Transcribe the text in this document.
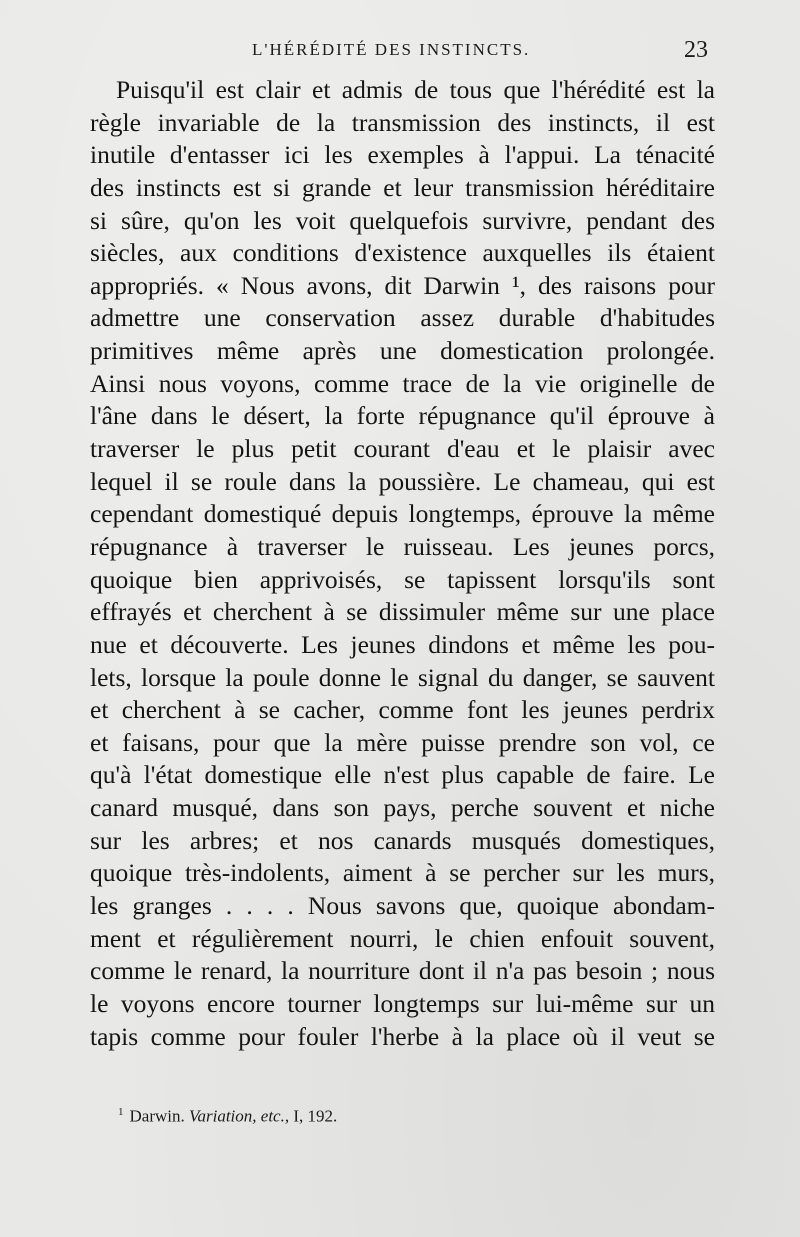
L'HÉRÉDITÉ DES INSTINCTS.	23
Puisqu'il est clair et admis de tous que l'hérédité est la
règle invariable de la transmission des instincts, il est
inutile d'entasser ici les exemples à l'appui. La ténacité
des instincts est si grande et leur transmission héréditaire
si sûre, qu'on les voit quelquefois survivre, pendant des
siècles, aux conditions d'existence auxquelles ils étaient
appropriés. « Nous avons, dit Darwin ¹, des raisons pour
admettre une conservation assez durable d'habitudes
primitives même après une domestication prolongée.
Ainsi nous voyons, comme trace de la vie originelle de
l'âne dans le désert, la forte répugnance qu'il éprouve à
traverser le plus petit courant d'eau et le plaisir avec
lequel il se roule dans la poussière. Le chameau, qui est
cependant domestiqué depuis longtemps, éprouve la même
répugnance à traverser le ruisseau. Les jeunes porcs,
quoique bien apprivoisés, se tapissent lorsqu'ils sont
effrayés et cherchent à se dissimuler même sur une place
nue et découverte. Les jeunes dindons et même les pou-
lets, lorsque la poule donne le signal du danger, se sauvent
et cherchent à se cacher, comme font les jeunes perdrix
et faisans, pour que la mère puisse prendre son vol, ce
qu'à l'état domestique elle n'est plus capable de faire. Le
canard musqué, dans son pays, perche souvent et niche
sur les arbres; et nos canards musqués domestiques,
quoique très-indolents, aiment à se percher sur les murs,
les granges . . . . Nous savons que, quoique abondam-
ment et régulièrement nourri, le chien enfouit souvent,
comme le renard, la nourriture dont il n'a pas besoin ; nous
le voyons encore tourner longtemps sur lui-même sur un
tapis comme pour fouler l'herbe à la place où il veut se
$^1$ Darwin. Variation, etc., I, 192.
